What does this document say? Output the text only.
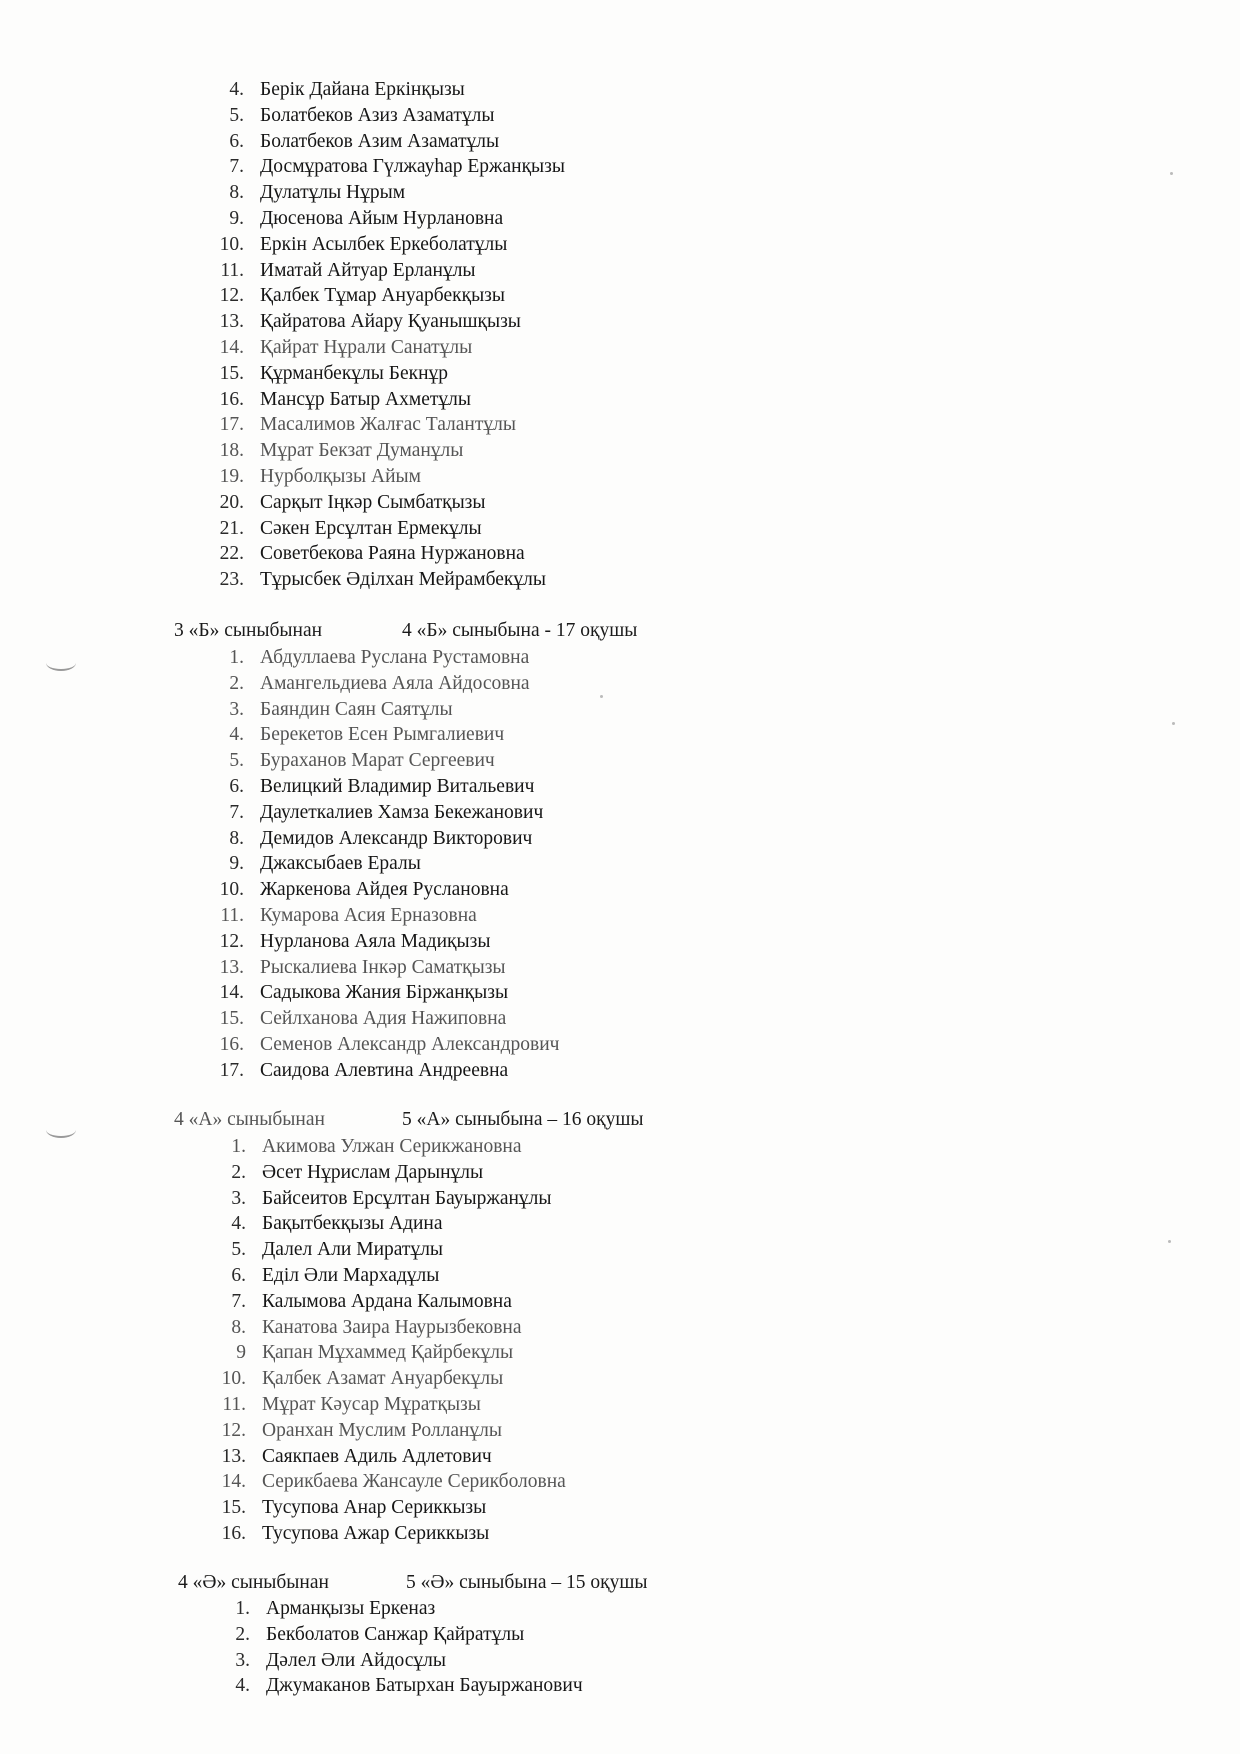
4. Берік Дайана Еркінқызы
5. Болатбеков Азиз Азаматұлы
6. Болатбеков Азим Азаматұлы
7. Досмұратова Гүлжауһар Ержанқызы
8. Дулатұлы Нұрым
9. Дюсенова Айым Нурлановна
10. Еркін Асылбек Еркеболатұлы
11. Иматай Айтуар Ерланұлы
12. Қалбек Тұмар Ануарбекқызы
13. Қайратова Айару Қуанышқызы
14. Қайрат Нұрали Санатұлы
15. Құрманбекұлы Бекнұр
16. Мансұр Батыр Ахметұлы
17. Масалимов Жалғас Талантұлы
18. Мұрат Бекзат Думанұлы
19. Нурболқызы Айым
20. Сарқыт Іңкәр Сымбатқызы
21. Сәкен Ерсұлтан Ермекұлы
22. Советбекова Раяна Нуржановна
23. Тұрысбек Әділхан Мейрамбекұлы
3 «Б» сыныбынан	4 «Б» сыныбына - 17 оқушы
1. Абдуллаева Руслана Рустамовна
2. Амангельдиева Аяла Айдосовна
3. Баяндин Саян Саятұлы
4. Берекетов Есен Рымгалиевич
5. Бураханов Марат Сергеевич
6. Велицкий Владимир Витальевич
7. Даулеткалиев Хамза Бекежанович
8. Демидов Александр Викторович
9. Джаксыбаев Ералы
10. Жаркенова Айдея Руслановна
11. Кумарова Асия Ерназовна
12. Нурланова Аяла Мадиқызы
13. Рыскалиева Інкәр Саматқызы
14. Садыкова Жания Біржанқызы
15. Сейлханова Адия Нажиповна
16. Семенов Александр Александрович
17. Саидова Алевтина Андреевна
4 «А» сыныбынан	5 «А» сыныбына – 16 оқушы
1. Акимова Улжан Серикжановна
2. Әсет Нұрислам Дарынұлы
3. Байсеитов Ерсұлтан Бауыржанұлы
4. Бақытбекқызы Адина
5. Далел Али Миратұлы
6. Еділ Әли Мархадұлы
7. Калымова Ардана Калымовна
8. Канатова Заира Наурызбековна
9 Қапан Мұхаммед Қайрбекұлы
10. Қалбек Азамат Ануарбекұлы
11. Мұрат Кәусар Мұратқызы
12. Оранхан Муслим Ролланұлы
13. Саякпаев Адиль Адлетович
14. Серикбаева Жансауле Серикболовна
15. Тусупова Анар Сериккызы
16. Тусупова Ажар Сериккызы
4 «Ә» сыныбынан	5 «Ә» сыныбына – 15 оқушы
1. Арманқызы Еркеназ
2. Бекболатов Санжар Қайратұлы
3. Дәлел Әли Айдосұлы
4. Джумаканов Батырхан Бауыржанович
